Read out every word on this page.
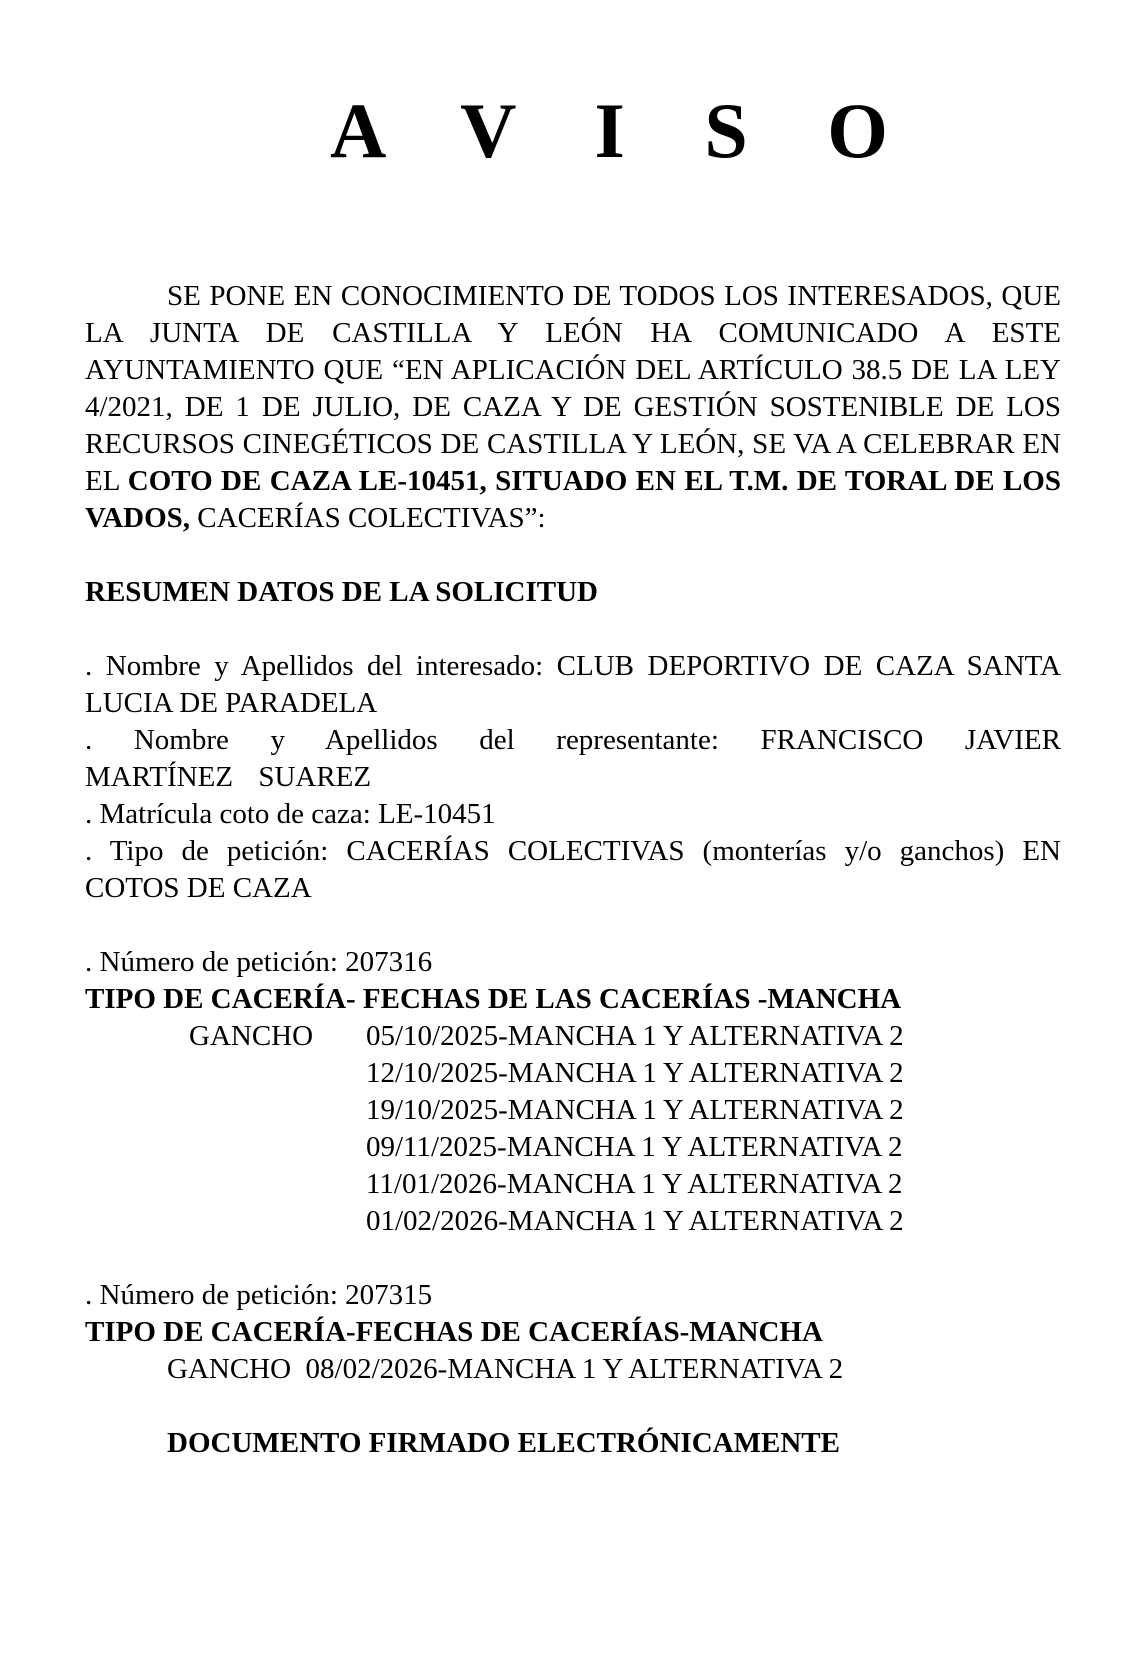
A V I S O

SE PONE EN CONOCIMIENTO DE TODOS LOS INTERESADOS, QUE LA JUNTA DE CASTILLA Y LEÓN HA COMUNICADO A ESTE AYUNTAMIENTO QUE “EN APLICACIÓN DEL ARTÍCULO 38.5 DE LA LEY 4/2021, DE 1 DE JULIO, DE CAZA Y DE GESTIÓN SOSTENIBLE DE LOS RECURSOS CINEGÉTICOS DE CASTILLA Y LEÓN, SE VA A CELEBRAR EN EL COTO DE CAZA LE-10451, SITUADO EN EL T.M. DE TORAL DE LOS VADOS, CACERÍAS COLECTIVAS”:

RESUMEN DATOS DE LA SOLICITUD

. Nombre y Apellidos del interesado: CLUB DEPORTIVO DE CAZA SANTA LUCIA DE PARADELA

. Nombre y Apellidos del representante: FRANCISCO JAVIER MARTÍNEZ SUAREZ

. Matrícula coto de caza: LE-10451

. Tipo de petición: CACERÍAS COLECTIVAS (monterías y/o ganchos) EN COTOS DE CAZA

. Número de petición: 207316

TIPO DE CACERÍA- FECHAS DE LAS CACERÍAS -MANCHA

GANCHO	05/10/2025-MANCHA 1 Y ALTERNATIVA 2
12/10/2025-MANCHA 1 Y ALTERNATIVA 2
19/10/2025-MANCHA 1 Y ALTERNATIVA 2
09/11/2025-MANCHA 1 Y ALTERNATIVA 2
11/01/2026-MANCHA 1 Y ALTERNATIVA 2
01/02/2026-MANCHA 1 Y ALTERNATIVA 2

. Número de petición: 207315

TIPO DE CACERÍA-FECHAS DE CACERÍAS-MANCHA

GANCHO  08/02/2026-MANCHA 1 Y ALTERNATIVA 2

DOCUMENTO FIRMADO ELECTRÓNICAMENTE
